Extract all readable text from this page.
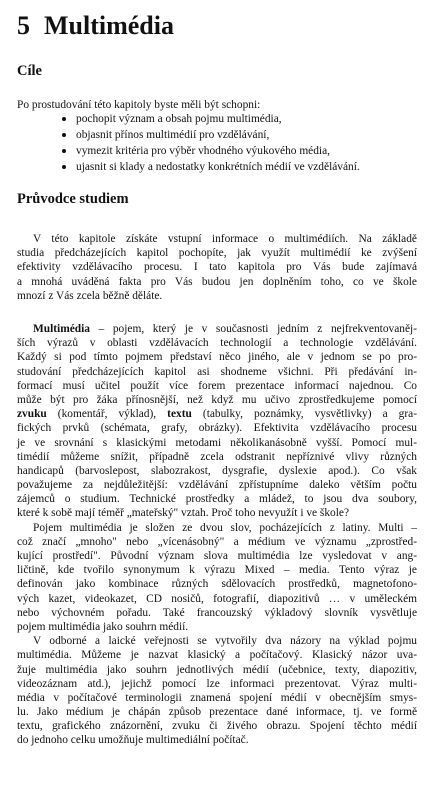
5 Multimédia
Cíle

Po prostudování této kapitoly byste měli být schopni:

pochopit význam a obsah pojmu multimédia,
objasnit přínos multimédií pro vzdělávání,
vymezit kritéria pro výběr vhodného výukového média,
ujasnit si klady a nedostatky konkrétních médií ve vzdělávání.
Průvodce studiem
V této kapitole získáte vstupní informace o multimédiích. Na základě
studia předcházejících kapitol pochopíte, jak využít multimédií ke zvýšení
efektivity vzdělávacího procesu. I tato kapitola pro Vás bude zajímavá
a mnohá uváděná fakta pro Vás budou jen doplněním toho, co ve škole
mnozí z Vás zcela běžně děláte.
Multimédia – pojem, který je v současnosti jedním z nejfrekventovaněj-
ších výrazů v oblasti vzdělávacích technologií a technologie vzdělávání.
Každý si pod tímto pojmem představí něco jiného, ale v jednom se po pro-
studování předcházejících kapitol asi shodneme všichni. Při předávání in-
formací musí učitel použít více forem prezentace informací najednou. Co
může být pro žáka přínosnější, než když mu učivo zprostředkujeme pomocí
zvuku (komentář, výklad), textu (tabulky, poznámky, vysvětlivky) a gra-
fických prvků (schémata, grafy, obrázky). Efektivita vzdělávacího procesu
je ve srovnání s klasickými metodami několikanásobně vyšší. Pomocí mul-
timédií můžeme snížit, případně zcela odstranit nepříznivé vlivy různých
handicapů (barvoslepost, slabozrakost, dysgrafie, dyslexie apod.). Co však
považujeme za nejdůležitější: vzdělávání zpřístupníme daleko větším počtu
zájemců o studium. Technické prostředky a mládež, to jsou dva soubory,
které k sobě mají téměř „mateřský" vztah. Proč toho nevyužít i ve škole?
Pojem multimédia je složen ze dvou slov, pocházejících z latiny. Multi –
což značí „mnoho" nebo „vícenásobný" a médium ve významu „zprostřed-
kující prostředí". Původní význam slova multimédia lze vysledovat v ang-
ličtině, kde tvořilo synonymum k výrazu Mixed – media. Tento výraz je
definován jako kombinace různých sdělovacích prostředků, magnetofono-
vých kazet, videokazet, CD nosičů, fotografií, diapozitivů … v uměleckém
nebo výchovném pořadu. Také francouzský výkladový slovník vysvětluje
pojem multimédia jako souhrn médií.
V odborné a laické veřejnosti se vytvořily dva názory na výklad pojmu
multimédia. Můžeme je nazvat klasický a počítačový. Klasický názor uva-
žuje multimédia jako souhrn jednotlivých médií (učebnice, texty, diapozitiv,
videozáznam atd.), jejichž pomocí lze informaci prezentovat. Výraz multi-
média v počítačové terminologii znamená spojení médií v obecnějším smys-
lu. Jako médium je chápán způsob prezentace dané informace, tj. ve formě
textu, grafického znázornění, zvuku či živého obrazu. Spojení těchto médií
do jednoho celku umožňuje multimediální počítač.
